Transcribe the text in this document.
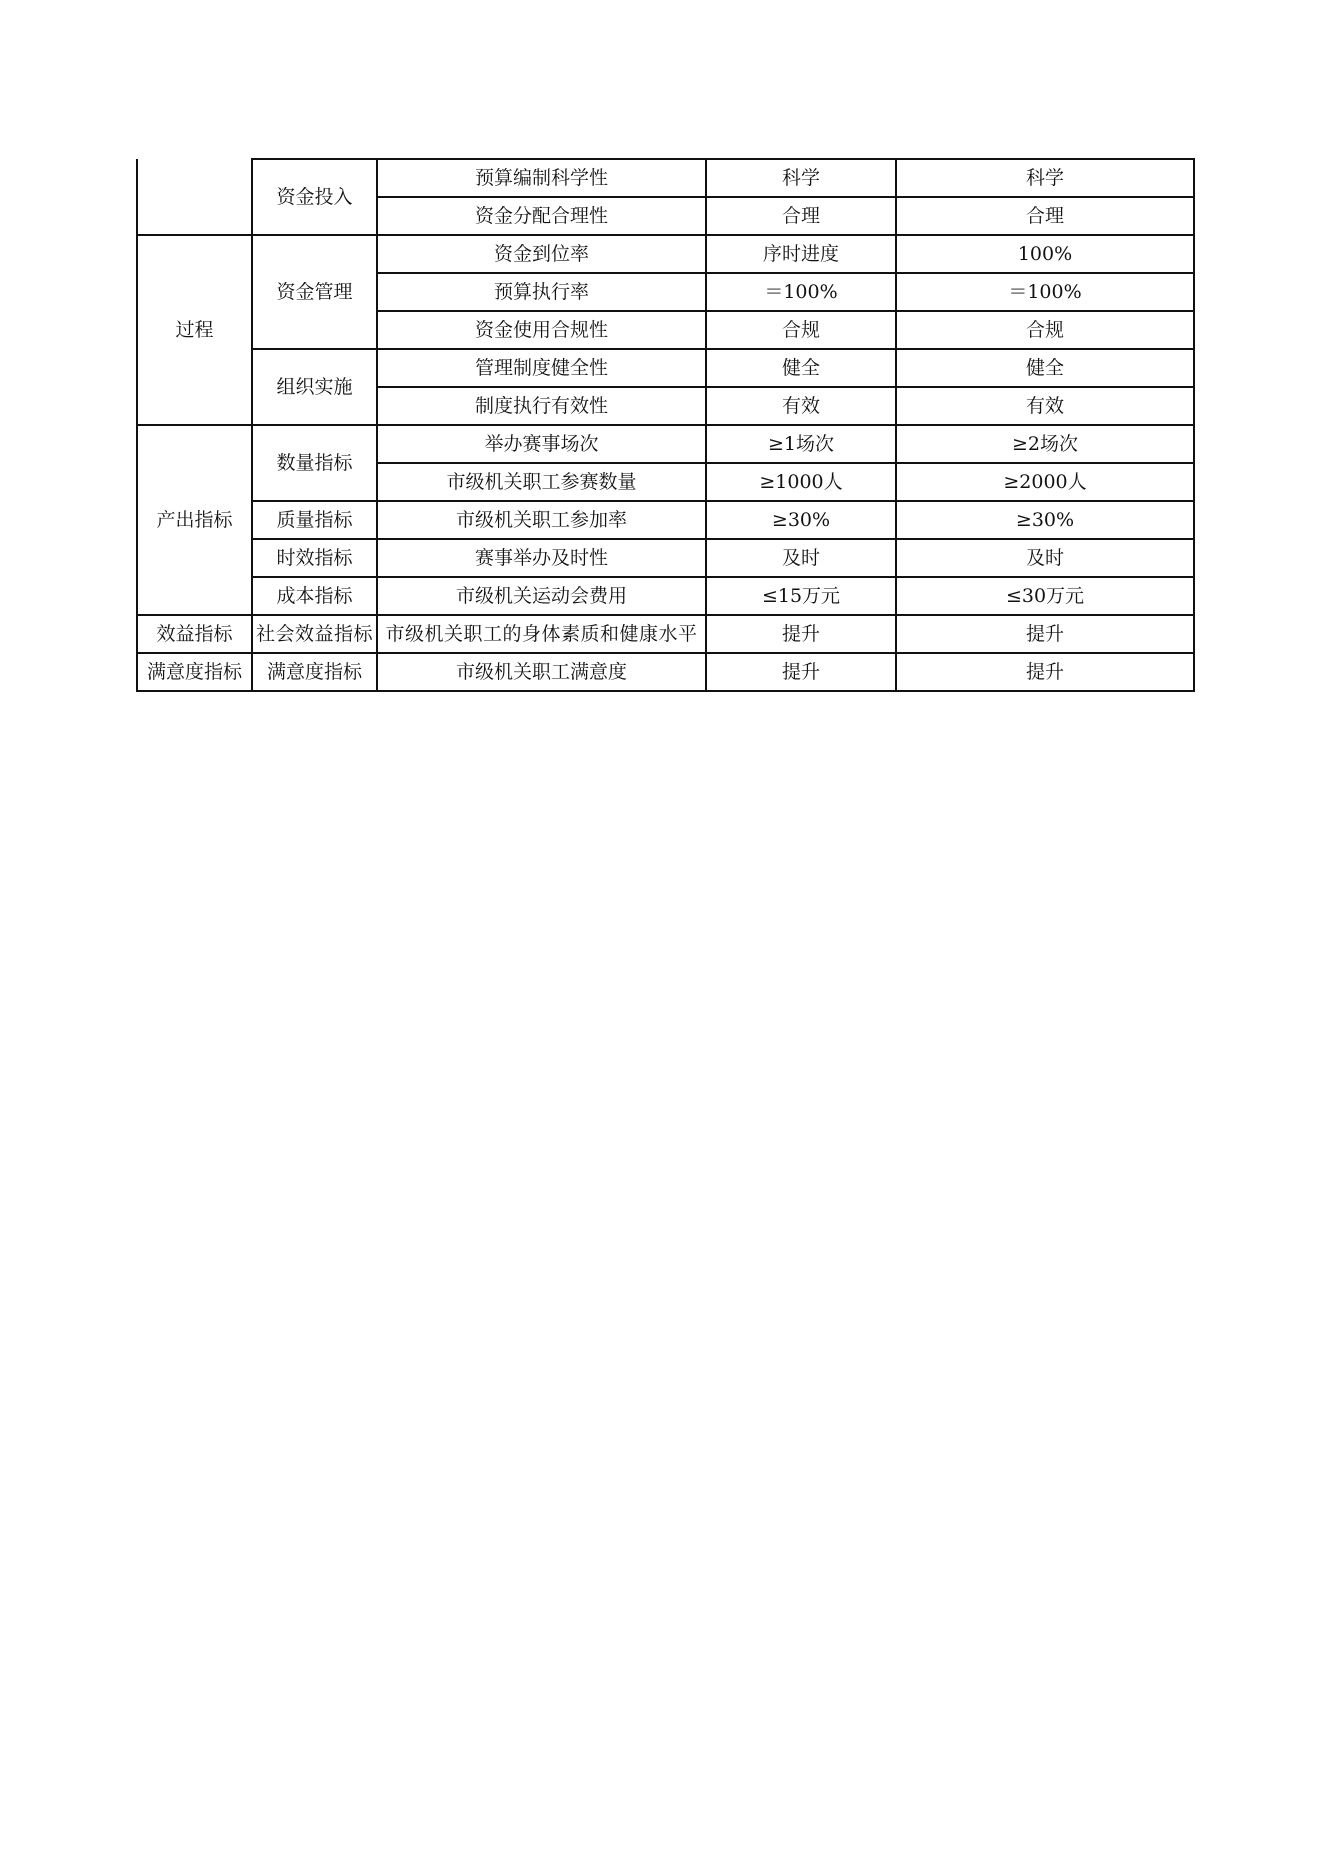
	资金投入	预算编制科学性	科学	科学
		资金分配合理性	合理	合理
过程	资金管理	资金到位率	序时进度	100%
		预算执行率	＝100%	＝100%
		资金使用合规性	合规	合规
	组织实施	管理制度健全性	健全	健全
		制度执行有效性	有效	有效
产出指标	数量指标	举办赛事场次	≥1场次	≥2场次
		市级机关职工参赛数量	≥1000人	≥2000人
	质量指标	市级机关职工参加率	≥30%	≥30%
	时效指标	赛事举办及时性	及时	及时
	成本指标	市级机关运动会费用	≤15万元	≤30万元
效益指标	社会效益指标	市级机关职工的身体素质和健康水平	提升	提升
满意度指标	满意度指标	市级机关职工满意度	提升	提升
